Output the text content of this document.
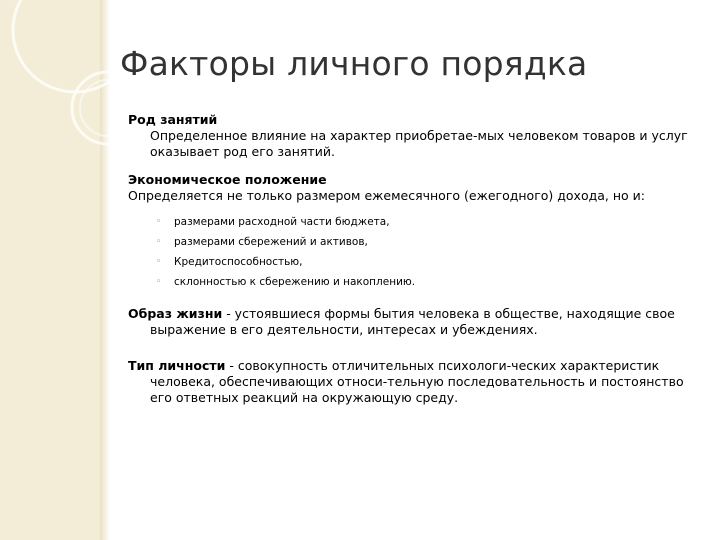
Факторы личного порядка
Род занятий
Определенное влияние на характер приобретае-мых человеком товаров и услуг оказывает род его занятий.
Экономическое положение
Определяется не только размером ежемесячного (ежегодного) дохода, но и:
◦ размерами расходной части бюджета,
◦ размерами сбережений и активов,
◦ Кредитоспособностью,
◦ склонностью к сбережению и накоплению.
Образ жизни - устоявшиеся формы бытия человека в обществе, находящие свое выражение в его деятельности, интересах и убеждениях.
Тип личности - совокупность отличительных психологи-ческих характеристик человека, обеспечивающих относи-тельную последовательность и постоянство его ответных реакций на окружающую среду.
